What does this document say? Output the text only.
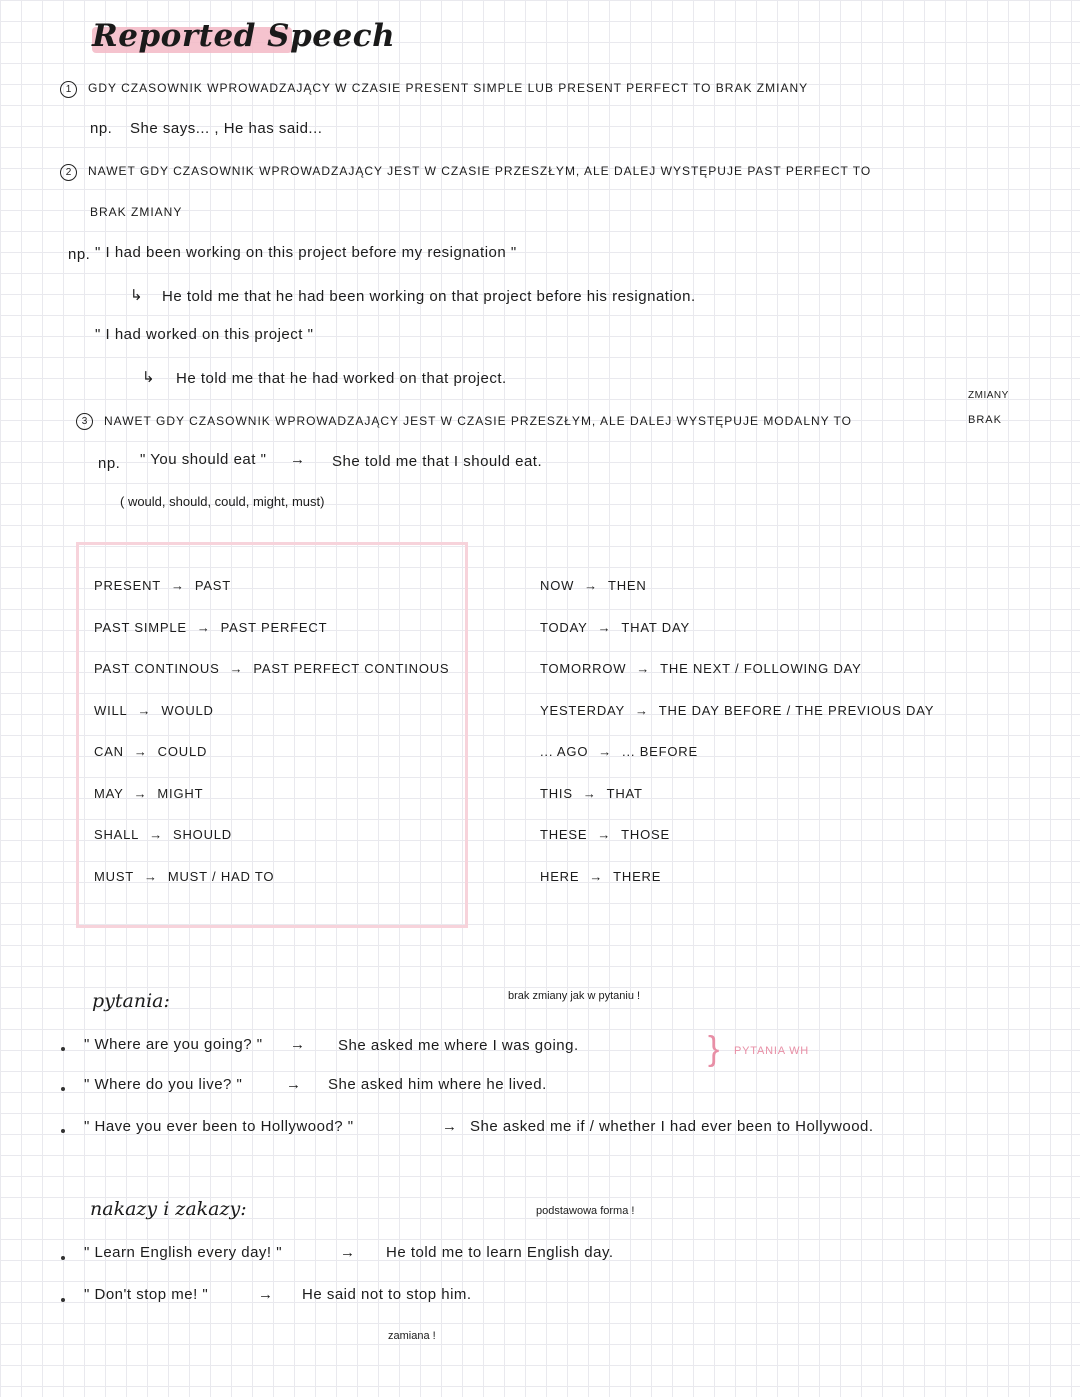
Reported Speech
1	GDY CZASOWNIK WPROWADZAJĄCY W CZASIE PRESENT SIMPLE LUB PRESENT PERFECT TO BRAK ZMIANY
np. She says... , He has said...
2	NAWET GDY CZASOWNIK WPROWADZAJĄCY JEST W CZASIE PRZESZŁYM, ALE DALEJ WYSTĘPUJE PAST PERFECT TO
BRAK ZMIANY
np. " I had been working on this project before my resignation "
↳ He told me that he had been working on that project before his resignation.
" I had worked on this project "
↳ He told me that he had worked on that project.
3	NAWET GDY CZASOWNIK WPROWADZAJĄCY JEST W CZASIE PRZESZŁYM, ALE DALEJ WYSTĘPUJE MODALNY TO
ZMIANY
BRAK
np. " You should eat " → She told me that I should eat.
( would, should, could, might, must)
PRESENT → PAST
PAST SIMPLE → PAST PERFECT
PAST CONTINOUS → PAST PERFECT CONTINOUS
WILL → WOULD
CAN → COULD
MAY → MIGHT
SHALL → SHOULD
MUST → MUST / HAD TO
NOW → THEN
TODAY → THAT DAY
TOMORROW → THE NEXT / FOLLOWING DAY
YESTERDAY → THE DAY BEFORE / THE PREVIOUS DAY
... AGO → ... BEFORE
THIS → THAT
THESE → THOSE
HERE → THERE
pytania:	brak zmiany jak w pytaniu !
} PYTANIA WH
" Where are you going? " → She asked me where I was going.
" Where do you live? "	→ She asked him where he lived.
" Have you ever been to Hollywood? "	→ She asked me if / whether I had ever been to Hollywood.
nakazy i zakazy:	podstawowa forma !
" Learn English every day! "	→ He told me to learn English day.
" Don't stop me! "	→ He said not to stop him.
zamiana !
